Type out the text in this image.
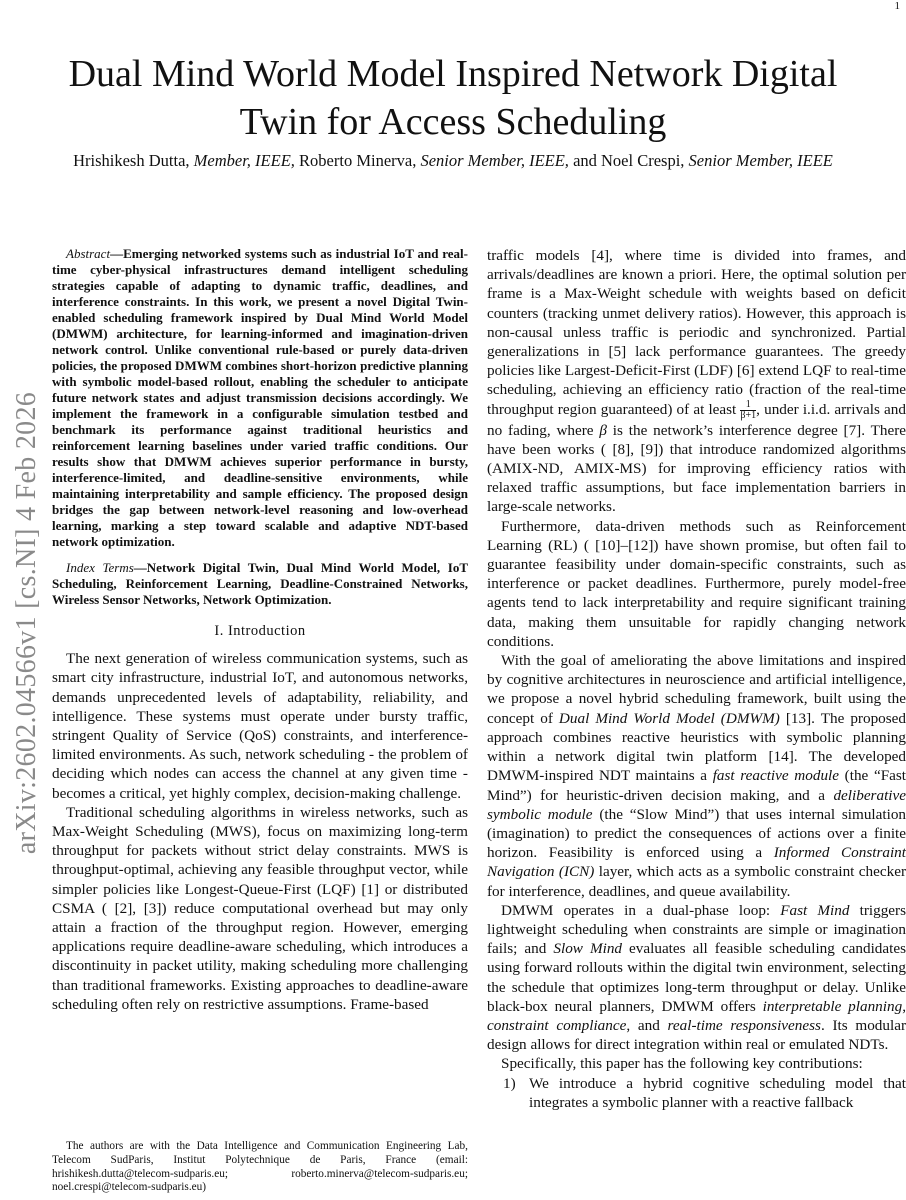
1
arXiv:2602.04566v1 [cs.NI] 4 Feb 2026
Dual Mind World Model Inspired Network Digital Twin for Access Scheduling
Hrishikesh Dutta, Member, IEEE, Roberto Minerva, Senior Member, IEEE, and Noel Crespi, Senior Member, IEEE

Abstract—Emerging networked systems such as industrial IoT and real-time cyber-physical infrastructures demand intelligent scheduling strategies capable of adapting to dynamic traffic, deadlines, and interference constraints. In this work, we present a novel Digital Twin-enabled scheduling framework inspired by Dual Mind World Model (DMWM) architecture, for learning-informed and imagination-driven network control. Unlike conventional rule-based or purely data-driven policies, the proposed DMWM combines short-horizon predictive planning with symbolic model-based rollout, enabling the scheduler to anticipate future network states and adjust transmission decisions accordingly. We implement the framework in a configurable simulation testbed and benchmark its performance against traditional heuristics and reinforcement learning baselines under varied traffic conditions. Our results show that DMWM achieves superior performance in bursty, interference-limited, and deadline-sensitive environments, while maintaining interpretability and sample efficiency. The proposed design bridges the gap between network-level reasoning and low-overhead learning, marking a step toward scalable and adaptive NDT-based network optimization.

Index Terms—Network Digital Twin, Dual Mind World Model, IoT Scheduling, Reinforcement Learning, Deadline-Constrained Networks, Wireless Sensor Networks, Network Optimization.

I. Introduction

The next generation of wireless communication systems, such as smart city infrastructure, industrial IoT, and autonomous networks, demands unprecedented levels of adaptability, reliability, and intelligence. These systems must operate under bursty traffic, stringent Quality of Service (QoS) constraints, and interference-limited environments. As such, network scheduling - the problem of deciding which nodes can access the channel at any given time - becomes a critical, yet highly complex, decision-making challenge.

Traditional scheduling algorithms in wireless networks, such as Max-Weight Scheduling (MWS), focus on maximizing long-term throughput for packets without strict delay constraints. MWS is throughput-optimal, achieving any feasible throughput vector, while simpler policies like Longest-Queue-First (LQF) [1] or distributed CSMA ( [2], [3]) reduce computational overhead but may only attain a fraction of the throughput region. However, emerging applications require deadline-aware scheduling, which introduces a discontinuity in packet utility, making scheduling more challenging than traditional frameworks. Existing approaches to deadline-aware scheduling often rely on restrictive assumptions. Frame-based

The authors are with the Data Intelligence and Communication Engineering Lab, Telecom SudParis, Institut Polytechnique de Paris, France (email: hrishikesh.dutta@telecom-sudparis.eu; roberto.minerva@telecom-sudparis.eu; noel.crespi@telecom-sudparis.eu)

traffic models [4], where time is divided into frames, and arrivals/deadlines are known a priori. Here, the optimal solution per frame is a Max-Weight schedule with weights based on deficit counters (tracking unmet delivery ratios). However, this approach is non-causal unless traffic is periodic and synchronized. Partial generalizations in [5] lack performance guarantees. The greedy policies like Largest-Deficit-First (LDF) [6] extend LQF to real-time scheduling, achieving an efficiency ratio (fraction of the real-time throughput region guaranteed) of at least $\frac{1}{\beta+1}$ , under i.i.d. arrivals and no fading, where β is the network’s interference degree [7]. There have been works ( [8], [9]) that introduce randomized algorithms (AMIX-ND, AMIX-MS) for improving efficiency ratios with relaxed traffic assumptions, but face implementation barriers in large-scale networks.

Furthermore, data-driven methods such as Reinforcement Learning (RL) ( [10]–[12]) have shown promise, but often fail to guarantee feasibility under domain-specific constraints, such as interference or packet deadlines. Furthermore, purely model-free agents tend to lack interpretability and require significant training data, making them unsuitable for rapidly changing network conditions.

With the goal of ameliorating the above limitations and inspired by cognitive architectures in neuroscience and artificial intelligence, we propose a novel hybrid scheduling framework, built using the concept of Dual Mind World Model (DMWM) [13]. The proposed approach combines reactive heuristics with symbolic planning within a network digital twin platform [14]. The developed DMWM-inspired NDT maintains a fast reactive module (the “Fast Mind”) for heuristic-driven decision making, and a deliberative symbolic module (the “Slow Mind”) that uses internal simulation (imagination) to predict the consequences of actions over a finite horizon. Feasibility is enforced using a Informed Constraint Navigation (ICN) layer, which acts as a symbolic constraint checker for interference, deadlines, and queue availability.

DMWM operates in a dual-phase loop: Fast Mind triggers lightweight scheduling when constraints are simple or imagination fails; and Slow Mind evaluates all feasible scheduling candidates using forward rollouts within the digital twin environment, selecting the schedule that optimizes long-term throughput or delay. Unlike black-box neural planners, DMWM offers interpretable planning, constraint compliance, and real-time responsiveness. Its modular design allows for direct integration within real or emulated NDTs.

Specifically, this paper has the following key contributions:

1) We introduce a hybrid cognitive scheduling model that integrates a symbolic planner with a reactive fallback
